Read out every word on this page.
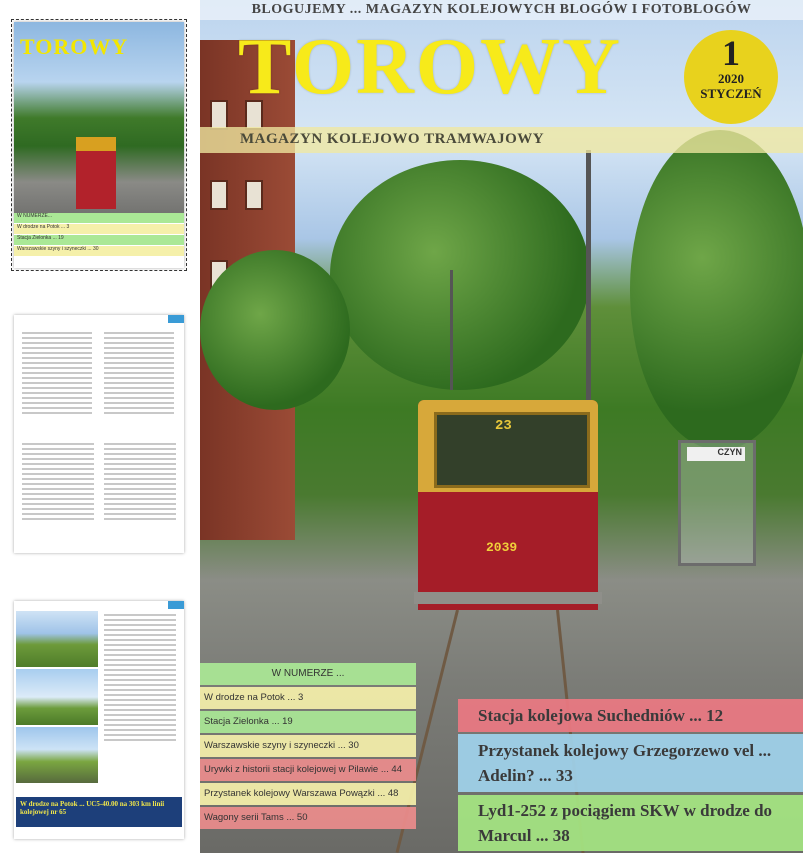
TOROWY
W NUMERZE...
W drodze na Potok ... 3
Stacja Zielonka ... 19
Warszawskie szyny i szyneczki ... 30
W drodze na Potok ... UC5-40.00 na 303 km linii kolejowej nr 65
23
2039
CZYN
BLOGUJEMY ... MAGAZYN KOLEJOWYCH BLOGÓW I FOTOBLOGÓW
TOROWY	1
2020
STYCZEŃ
MAGAZYN KOLEJOWO TRAMWAJOWY
W NUMERZE ...
W drodze na Potok ... 3
Stacja Zielonka ... 19
Warszawskie szyny i szyneczki ... 30
Urywki z historii stacji kolejowej w Pilawie ... 44
Przystanek kolejowy Warszawa Powązki ... 48
Wagony serii Tams ... 50
Stacja kolejowa Suchedniów ... 12
Przystanek kolejowy Grzegorzewo vel ... Adelin? ... 33
Lyd1-252 z pociągiem SKW w drodze do Marcul ... 38
